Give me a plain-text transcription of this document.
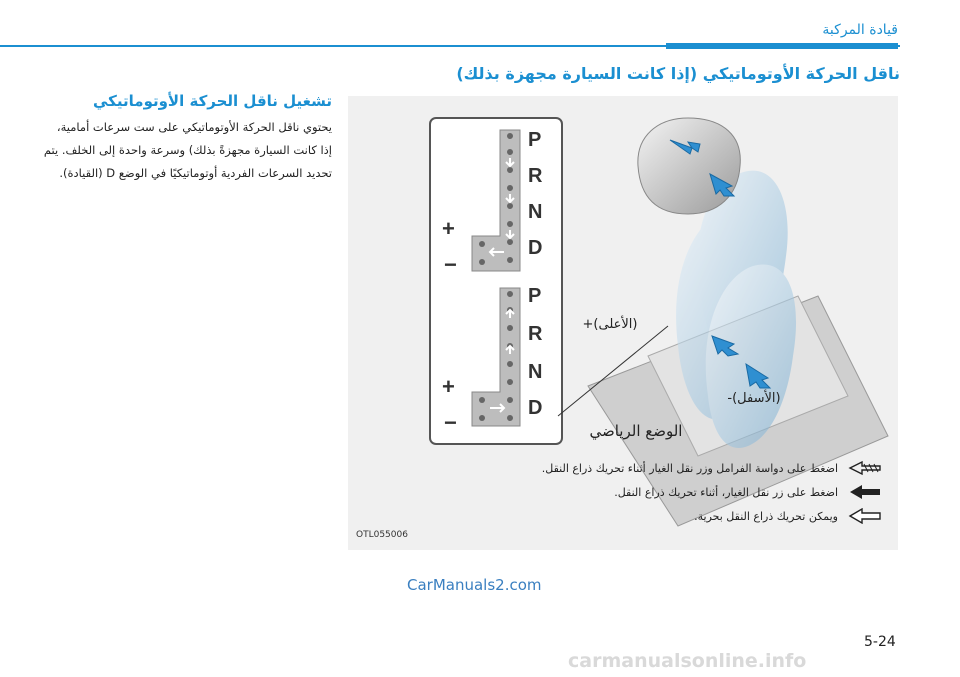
قيادة المركبة
ناقل الحركة الأوتوماتيكي (إذا كانت السيارة مجهزة بذلك)
تشغيل ناقل الحركة الأوتوماتيكي
يحتوي ناقل الحركة الأوتوماتيكي على ست سرعات أمامية، إذا كانت السيارة مجهزةً بذلك) وسرعة واحدة إلى الخلف. يتم تحديد السرعات الفردية أوتوماتيكيًا في الوضع D (القيادة).
P
R
N
D
P
R
N
D
+
−
+
−
(الأعلى)+
(الأسفل)-
الوضع الرياضي
اضغط على دواسة الفرامل وزر نقل الغيار أثناء تحريك ذراع النقل.
اضغط على زر نقل الغيار، أثناء تحريك ذراع النقل.
ويمكن تحريك ذراع النقل بحرية.
OTL055006
CarManuals2.com
5-24
carmanualsonline.info
